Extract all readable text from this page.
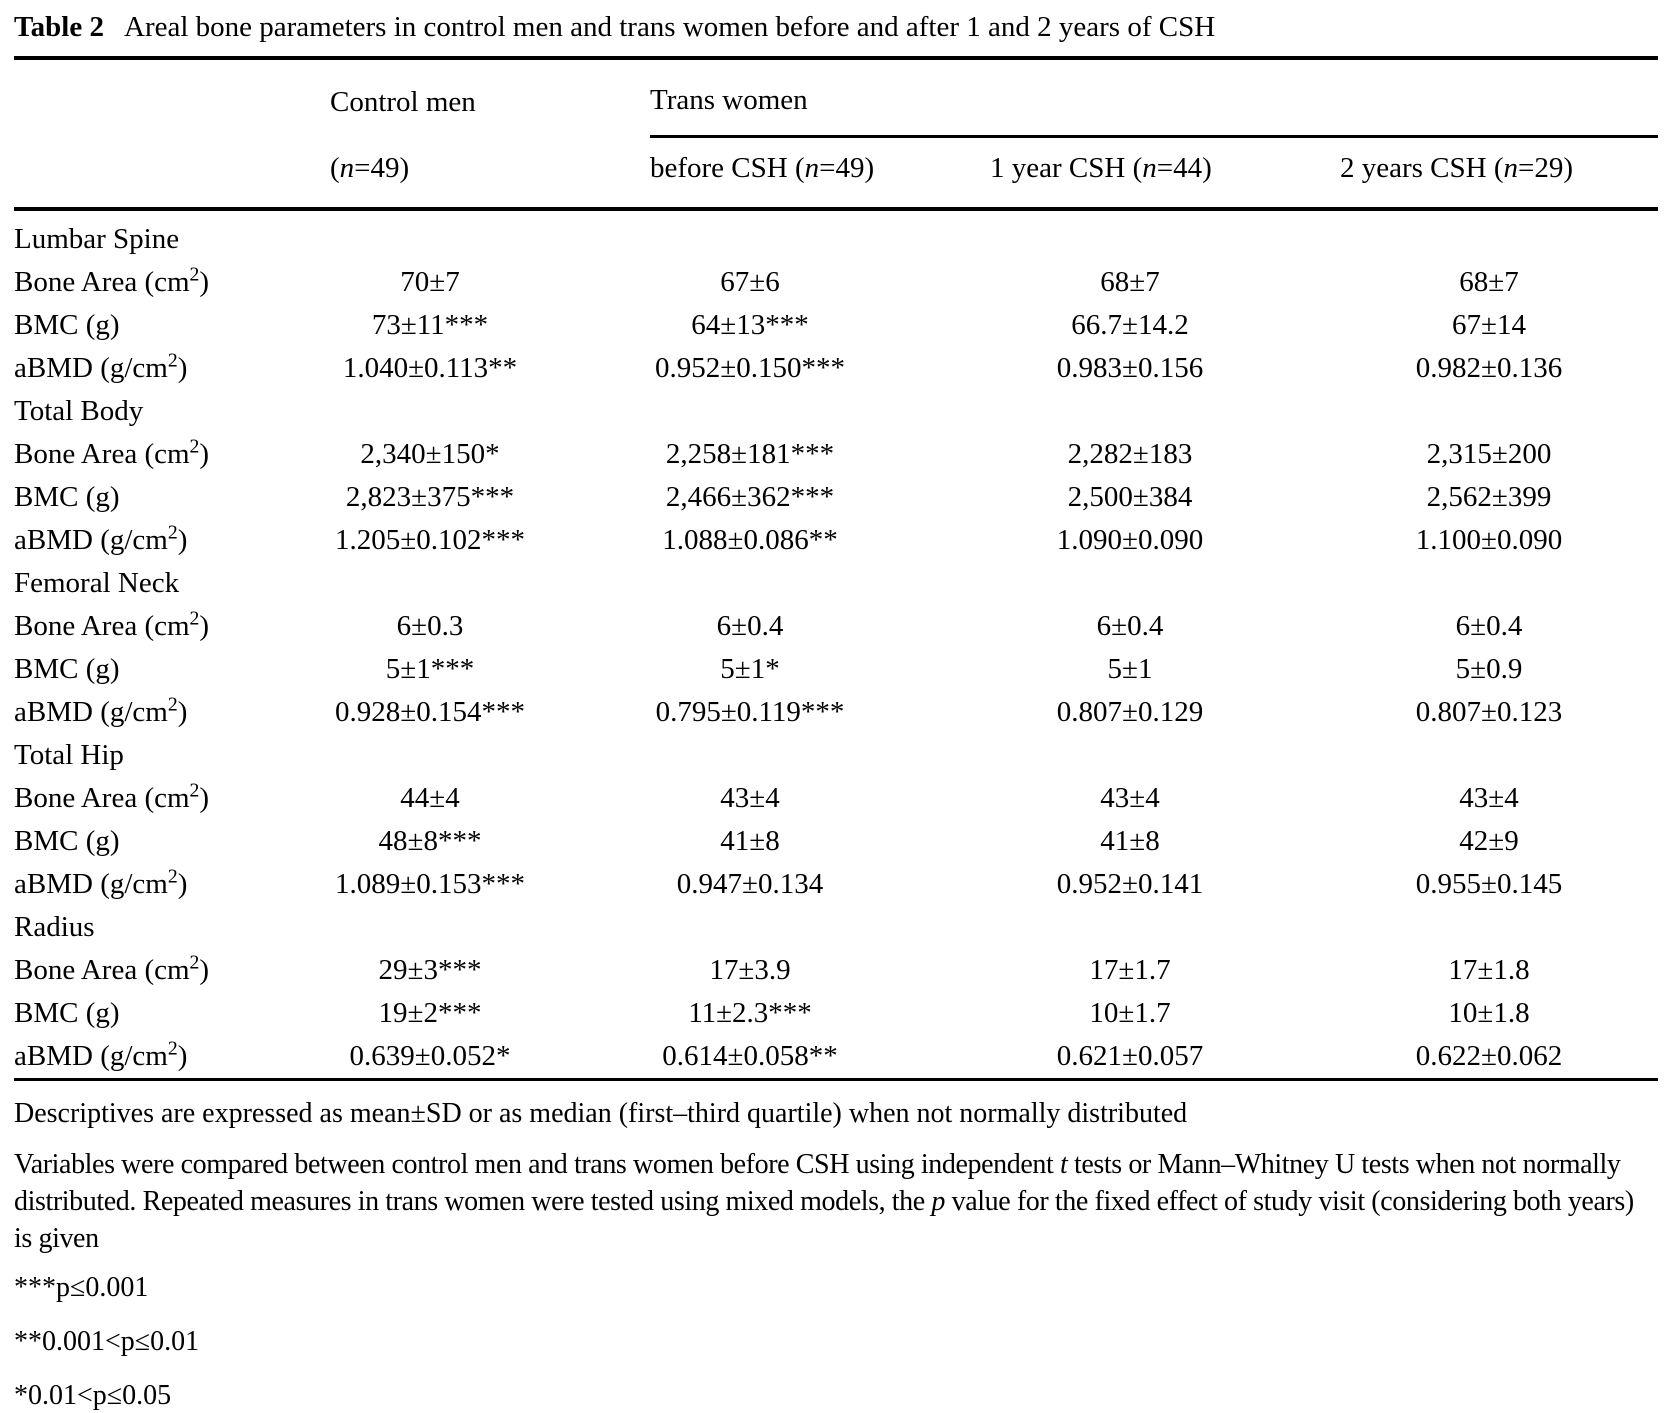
Table 2 Areal bone parameters in control men and trans women before and after 1 and 2 years of CSH
	Control men	Trans women		
	(n=49)	before CSH (n=49)	1 year CSH (n=44)	2 years CSH (n=29)
Lumbar Spine				
Bone Area $(cm^2)$	70±7	67±6	68±7	68±7
BMC (g)	73±11***	64±13***	66.7±14.2	67±14
aBMD $(g/cm^2)$	1.040±0.113**	0.952±0.150***	0.983±0.156	0.982±0.136
Total Body				
Bone Area $(cm^2)$	2,340±150*	2,258±181***	2,282±183	2,315±200
BMC (g)	2,823±375***	2,466±362***	2,500±384	2,562±399
aBMD $(g/cm^2)$	1.205±0.102***	1.088±0.086**	1.090±0.090	1.100±0.090
Femoral Neck				
Bone Area $(cm^2)$	6±0.3	6±0.4	6±0.4	6±0.4
BMC (g)	5±1***	5±1*	5±1	5±0.9
aBMD $(g/cm^2)$	0.928±0.154***	0.795±0.119***	0.807±0.129	0.807±0.123
Total Hip				
Bone Area $(cm^2)$	44±4	43±4	43±4	43±4
BMC (g)	48±8***	41±8	41±8	42±9
aBMD $(g/cm^2)$	1.089±0.153***	0.947±0.134	0.952±0.141	0.955±0.145
Radius				
Bone Area $(cm^2)$	29±3***	17±3.9	17±1.7	17±1.8
BMC (g)	19±2***	11±2.3***	10±1.7	10±1.8
aBMD $(g/cm^2)$	0.639±0.052*	0.614±0.058**	0.621±0.057	0.622±0.062

Descriptives are expressed as mean±SD or as median (first–third quartile) when not normally distributed

Variables were compared between control men and trans women before CSH using independent t tests or Mann–Whitney U tests when not normally distributed. Repeated measures in trans women were tested using mixed models, the p value for the fixed effect of study visit (considering both years) is given

***p≤0.001

**0.001<p≤0.01

*0.01<p≤0.05
